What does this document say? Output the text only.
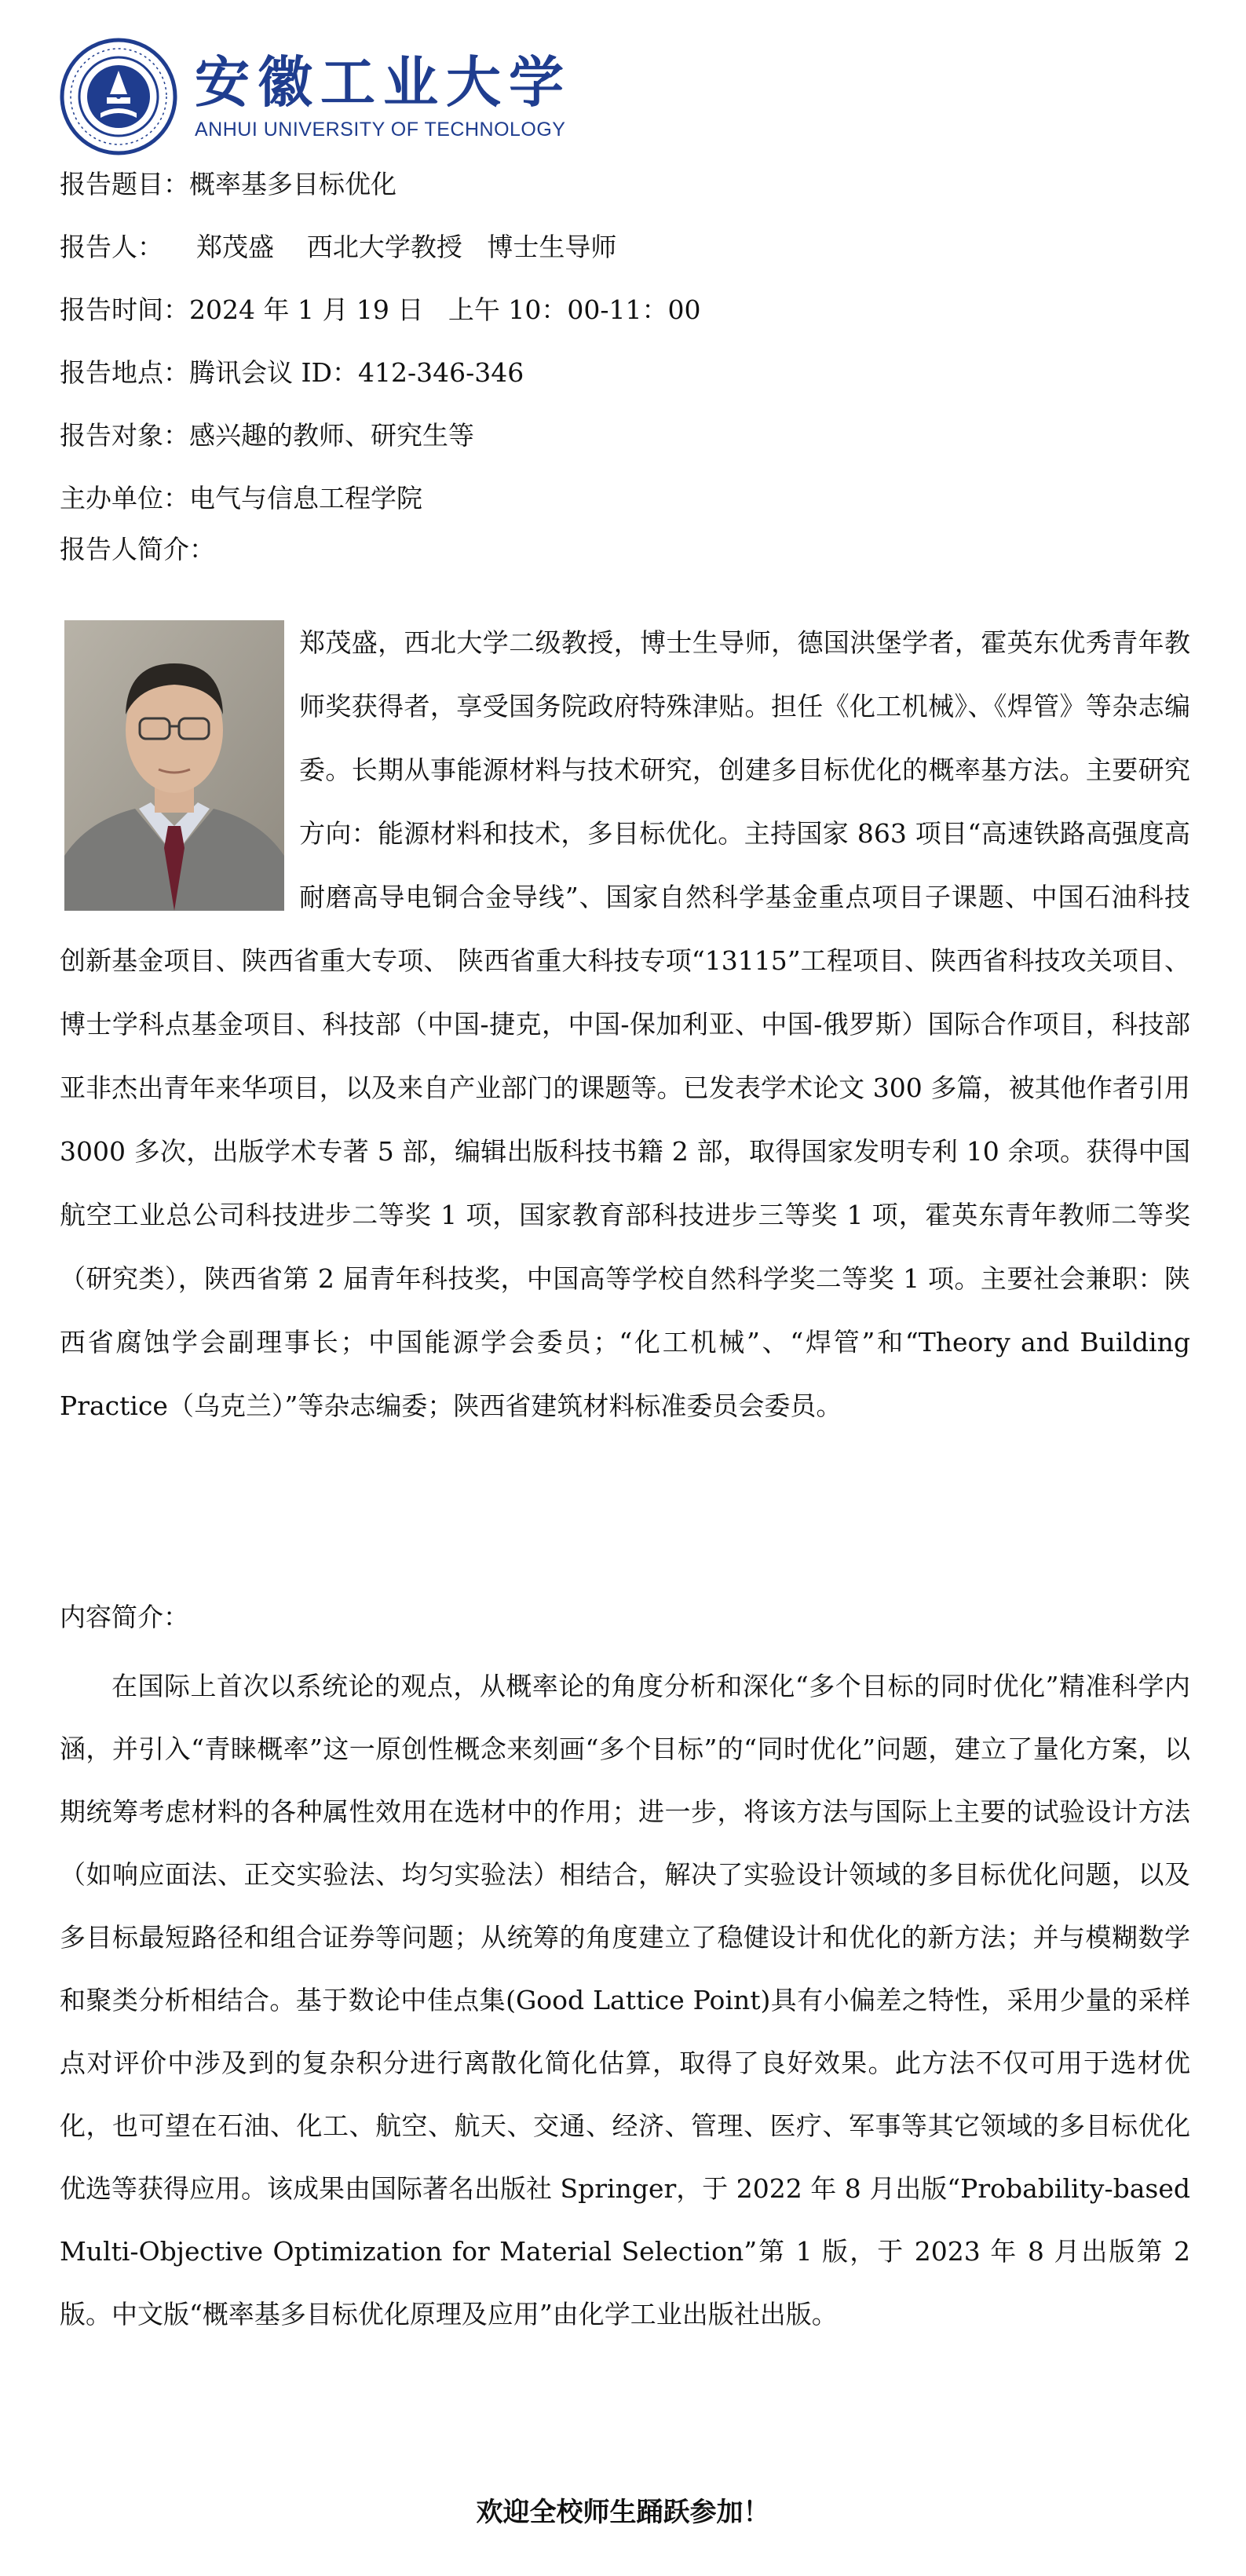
安徽工业大学
ANHUI UNIVERSITY OF TECHNOLOGY
报告题目：概率基多目标优化
报告人：    郑茂盛    西北大学教授   博士生导师
报告时间：2024 年 1 月 19 日   上午 10：00-11：00
报告地点：腾讯会议 ID：412-346-346
报告对象：感兴趣的教师、研究生等
主办单位：电气与信息工程学院
报告人简介：

郑茂盛，西北大学二级教授，博士生导师，德国洪堡学者，霍英东优秀青年教师奖获得者，享受国务院政府特殊津贴。担任《化工机械》、《焊管》等杂志编委。长期从事能源材料与技术研究，创建多目标优化的概率基方法。主要研究方向：能源材料和技术，多目标优化。主持国家 863 项目“高速铁路高强度高耐磨高导电铜合金导线”、国家自然科学基金重点项目子课题、中国石油科技创新基金项目、陕西省重大专项、 陕西省重大科技专项“13115”工程项目、陕西省科技攻关项目、博士学科点基金项目、科技部（中国-捷克，中国-保加利亚、中国-俄罗斯）国际合作项目，科技部亚非杰出青年来华项目，以及来自产业部门的课题等。已发表学术论文 300 多篇，被其他作者引用 3000 多次，出版学术专著 5 部，编辑出版科技书籍 2 部，取得国家发明专利 10 余项。获得中国航空工业总公司科技进步二等奖 1 项，国家教育部科技进步三等奖 1 项，霍英东青年教师二等奖（研究类），陕西省第 2 届青年科技奖，中国高等学校自然科学奖二等奖 1 项。主要社会兼职：陕西省腐蚀学会副理事长；中国能源学会委员；“化工机械”、“焊管”和“Theory and Building Practice（乌克兰）”等杂志编委；陕西省建筑材料标准委员会委员。

内容简介：

在国际上首次以系统论的观点，从概率论的角度分析和深化“多个目标的同时优化”精准科学内涵，并引入“青睐概率”这一原创性概念来刻画“多个目标”的“同时优化”问题，建立了量化方案，以期统筹考虑材料的各种属性效用在选材中的作用；进一步，将该方法与国际上主要的试验设计方法（如响应面法、正交实验法、均匀实验法）相结合，解决了实验设计领域的多目标优化问题，以及多目标最短路径和组合证券等问题；从统筹的角度建立了稳健设计和优化的新方法；并与模糊数学和聚类分析相结合。基于数论中佳点集(Good Lattice Point)具有小偏差之特性，采用少量的采样点对评价中涉及到的复杂积分进行离散化简化估算，取得了良好效果。此方法不仅可用于选材优化，也可望在石油、化工、航空、航天、交通、经济、管理、医疗、军事等其它领域的多目标优化优选等获得应用。该成果由国际著名出版社 Springer，于 2022 年 8 月出版“Probability‑based Multi‑Objective Optimization for Material Selection”第 1 版，于 2023 年 8 月出版第 2 版。中文版“概率基多目标优化原理及应用”由化学工业出版社出版。

欢迎全校师生踊跃参加！
